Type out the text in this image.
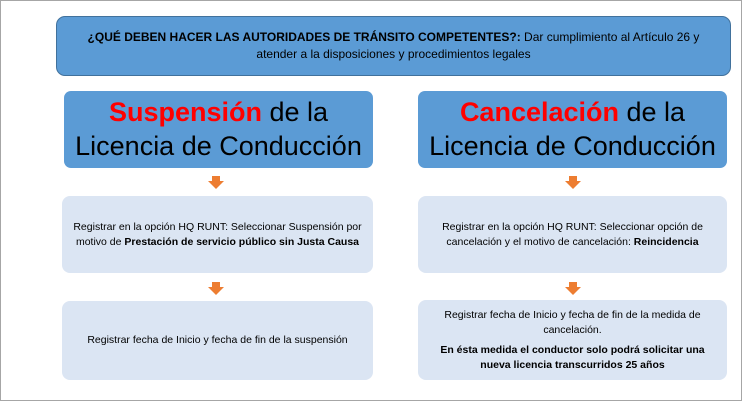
¿QUÉ DEBEN HACER LAS AUTORIDADES DE TRÁNSITO COMPETENTES?: Dar cumplimiento al Artículo 26 y atender a la disposiciones y procedimientos legales
Suspensión de la
Licencia de Conducción
Registrar en la opción HQ RUNT: Seleccionar Suspensión por motivo de Prestación de servicio público sin Justa Causa
Registrar fecha de Inicio y fecha de fin de la suspensión
Cancelación de la
Licencia de Conducción
Registrar en la opción HQ RUNT: Seleccionar opción de cancelación y el motivo de cancelación: Reincidencia
Registrar fecha de Inicio y fecha de fin de la medida de cancelación.
En ésta medida el conductor solo podrá solicitar una nueva licencia transcurridos 25 años
